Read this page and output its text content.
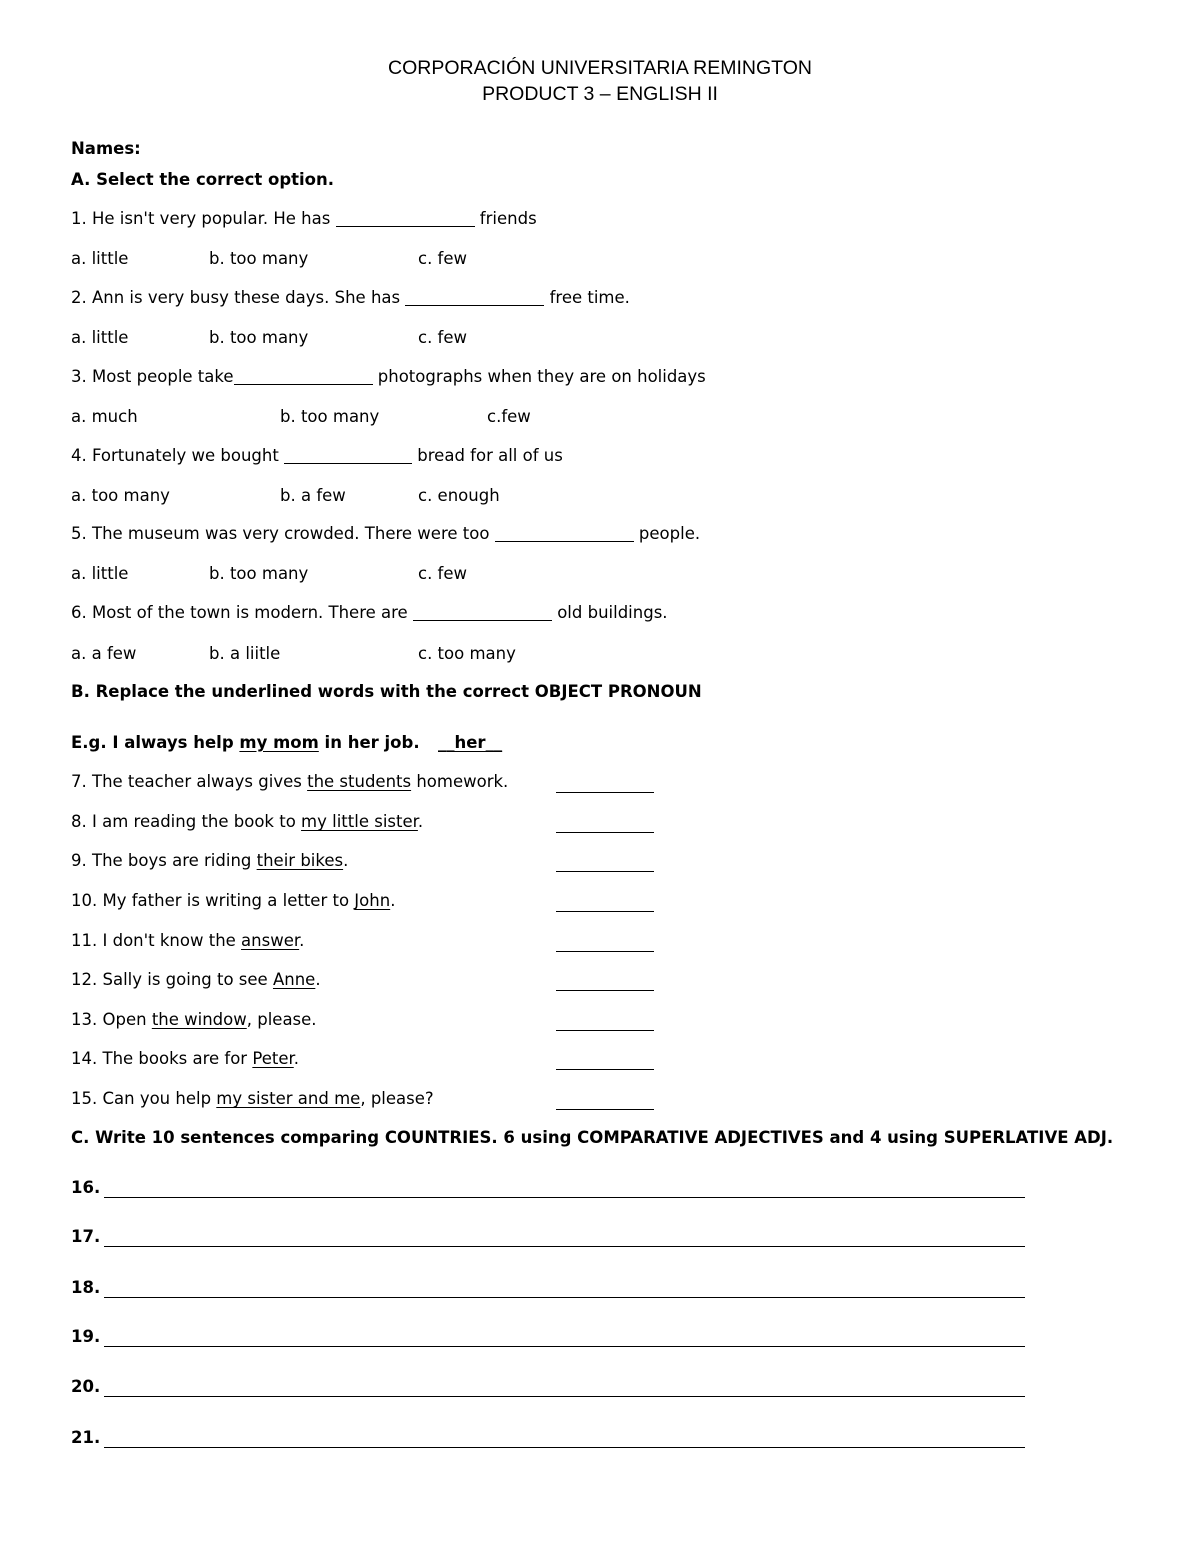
CORPORACIÓN UNIVERSITARIA REMINGTON
PRODUCT 3 – ENGLISH II
Names:
A. Select the correct option.
1. He isn't very popular. He has	friends
a. little	b. too many	c. few
2. Ann is very busy these days. She has	free time.
a. little	b. too many	c. few
3. Most people take	photographs when they are on holidays
a. much	b. too many	c.few
4. Fortunately we bought	bread for all of us
a. too many	b. a few	c. enough
5. The museum was very crowded. There were too	people.
a. little	b. too many	c. few
6. Most of the town is modern. There are	old buildings.
a. a few	b. a liitle	c. too many
B. Replace the underlined words with the correct OBJECT PRONOUN
E.g. I always help my mom in her job. __her__
7. The teacher always gives the students homework.
8. I am reading the book to my little sister.
9. The boys are riding their bikes.
10. My father is writing a letter to John.
11. I don't know the answer.
12. Sally is going to see Anne.
13. Open the window, please.
14. The books are for Peter.
15. Can you help my sister and me, please?
C. Write 10 sentences comparing COUNTRIES. 6 using COMPARATIVE ADJECTIVES and 4 using SUPERLATIVE ADJ.
16.
17.
18.
19.
20.
21.
